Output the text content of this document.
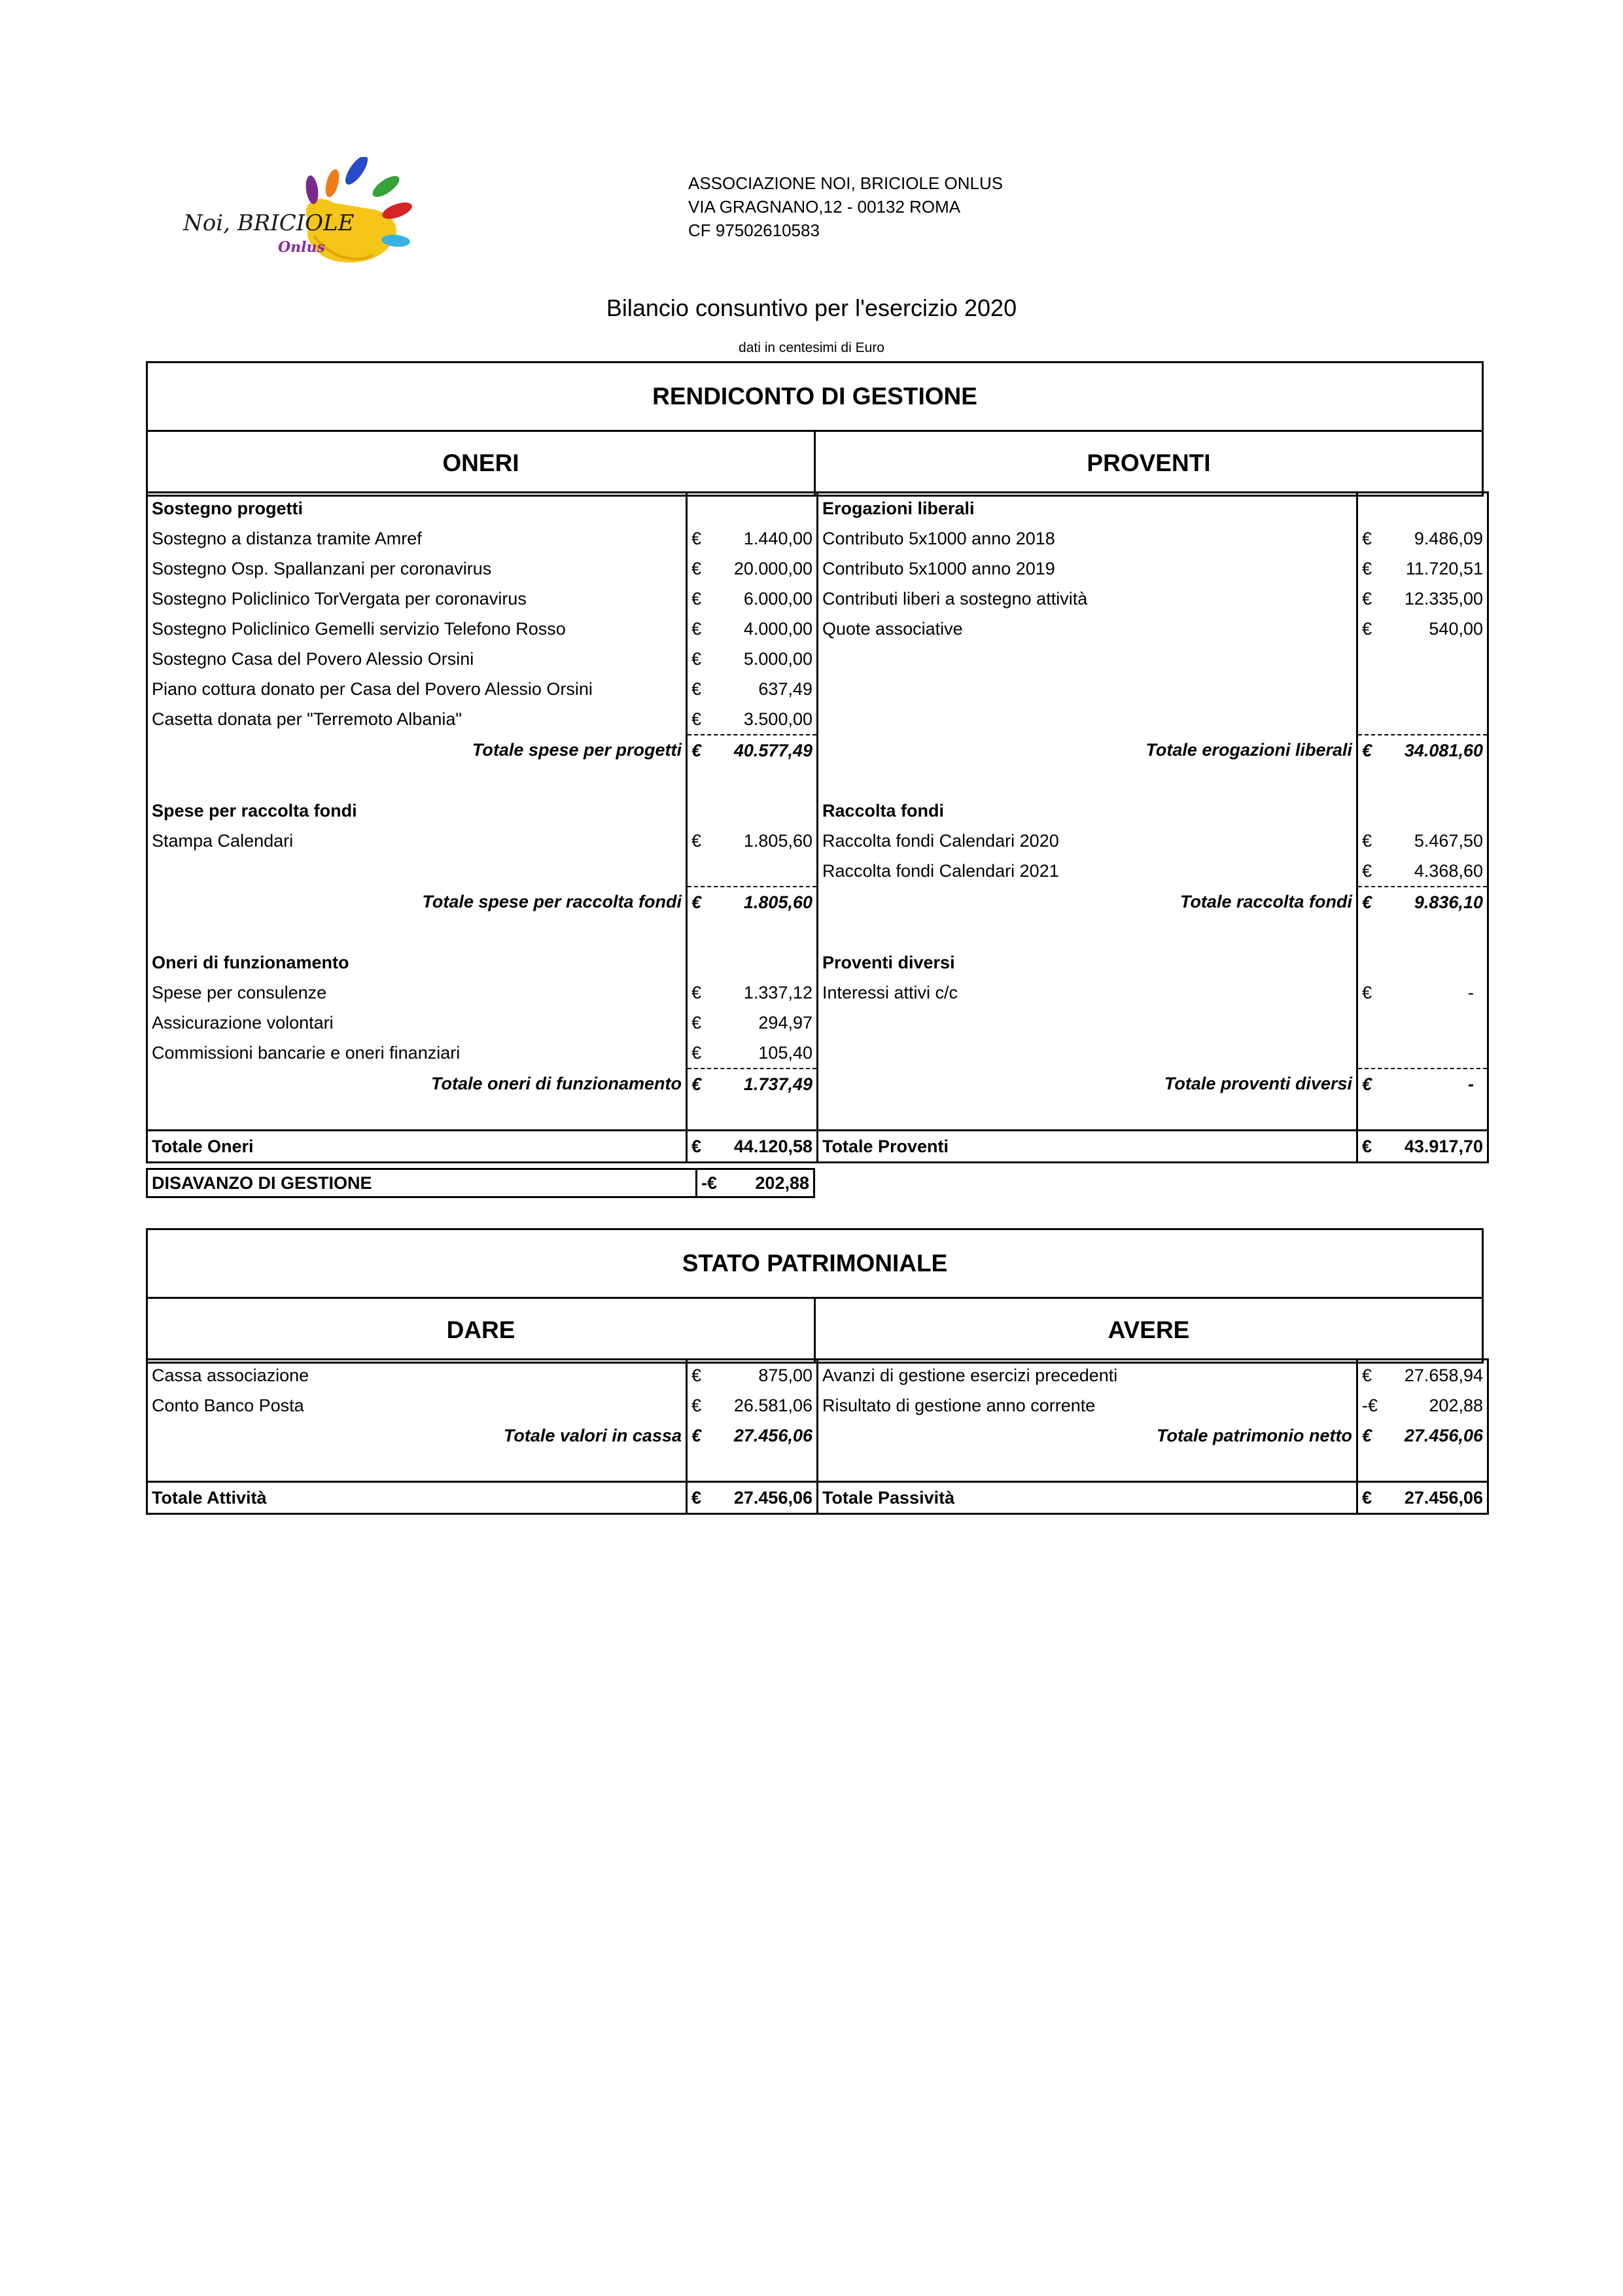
Noi, BRICIOLE
Onlus
ASSOCIAZIONE NOI, BRICIOLE ONLUS
VIA GRAGNANO,12 - 00132 ROMA
CF 97502610583
Bilancio consuntivo per l'esercizio 2020
dati in centesimi di Euro
RENDICONTO DI GESTIONE
ONERI	PROVENTI
Sostegno progetti		Erogazioni liberali	
Sostegno a distanza tramite Amref	€ 1.440,00	Contributo 5x1000 anno 2018	€ 9.486,09

Sostegno Osp. Spallanzani per coronavirus	€ 20.000,00	Contributo 5x1000 anno 2019	€ 11.720,51

Sostegno Policlinico TorVergata per coronavirus	€ 6.000,00	Contributi liberi a sostegno attività	€ 12.335,00

Sostegno Policlinico Gemelli servizio Telefono Rosso	€ 4.000,00	Quote associative	€ 540,00

Sostegno Casa del Povero Alessio Orsini	€ 5.000,00		

Piano cottura donato per Casa del Povero Alessio Orsini	€ 637,49		

Casetta donata per "Terremoto Albania"	€ 3.500,00		

Totale spese per progetti	€ 40.577,49	Totale erogazioni liberali	€ 34.081,60

Spese per raccolta fondi		Raccolta fondi	
Stampa Calendari	€ 1.805,60	Raccolta fondi Calendari 2020	€ 5.467,50

		Raccolta fondi Calendari 2021	€ 4.368,60

Totale spese per raccolta fondi	€ 1.805,60	Totale raccolta fondi	€ 9.836,10

Oneri di funzionamento		Proventi diversi	
Spese per consulenze	€ 1.337,12	Interessi attivi c/c	€ -

Assicurazione volontari	€ 294,97		

Commissioni bancarie e oneri finanziari	€ 105,40		

Totale oneri di funzionamento	€ 1.737,49	Totale proventi diversi	€ -

Totale Oneri	€ 44.120,58	Totale Proventi	€ 43.917,70
DISAVANZO DI GESTIONE	-€ 202,88
STATO PATRIMONIALE
DARE	AVERE
Cassa associazione	€ 875,00	Avanzi di gestione esercizi precedenti	€ 27.658,94

Conto Banco Posta	€ 26.581,06	Risultato di gestione anno corrente	-€ 202,88

Totale valori in cassa	€ 27.456,06	Totale patrimonio netto	€ 27.456,06

Totale Attività	€ 27.456,06	Totale Passività	€ 27.456,06
